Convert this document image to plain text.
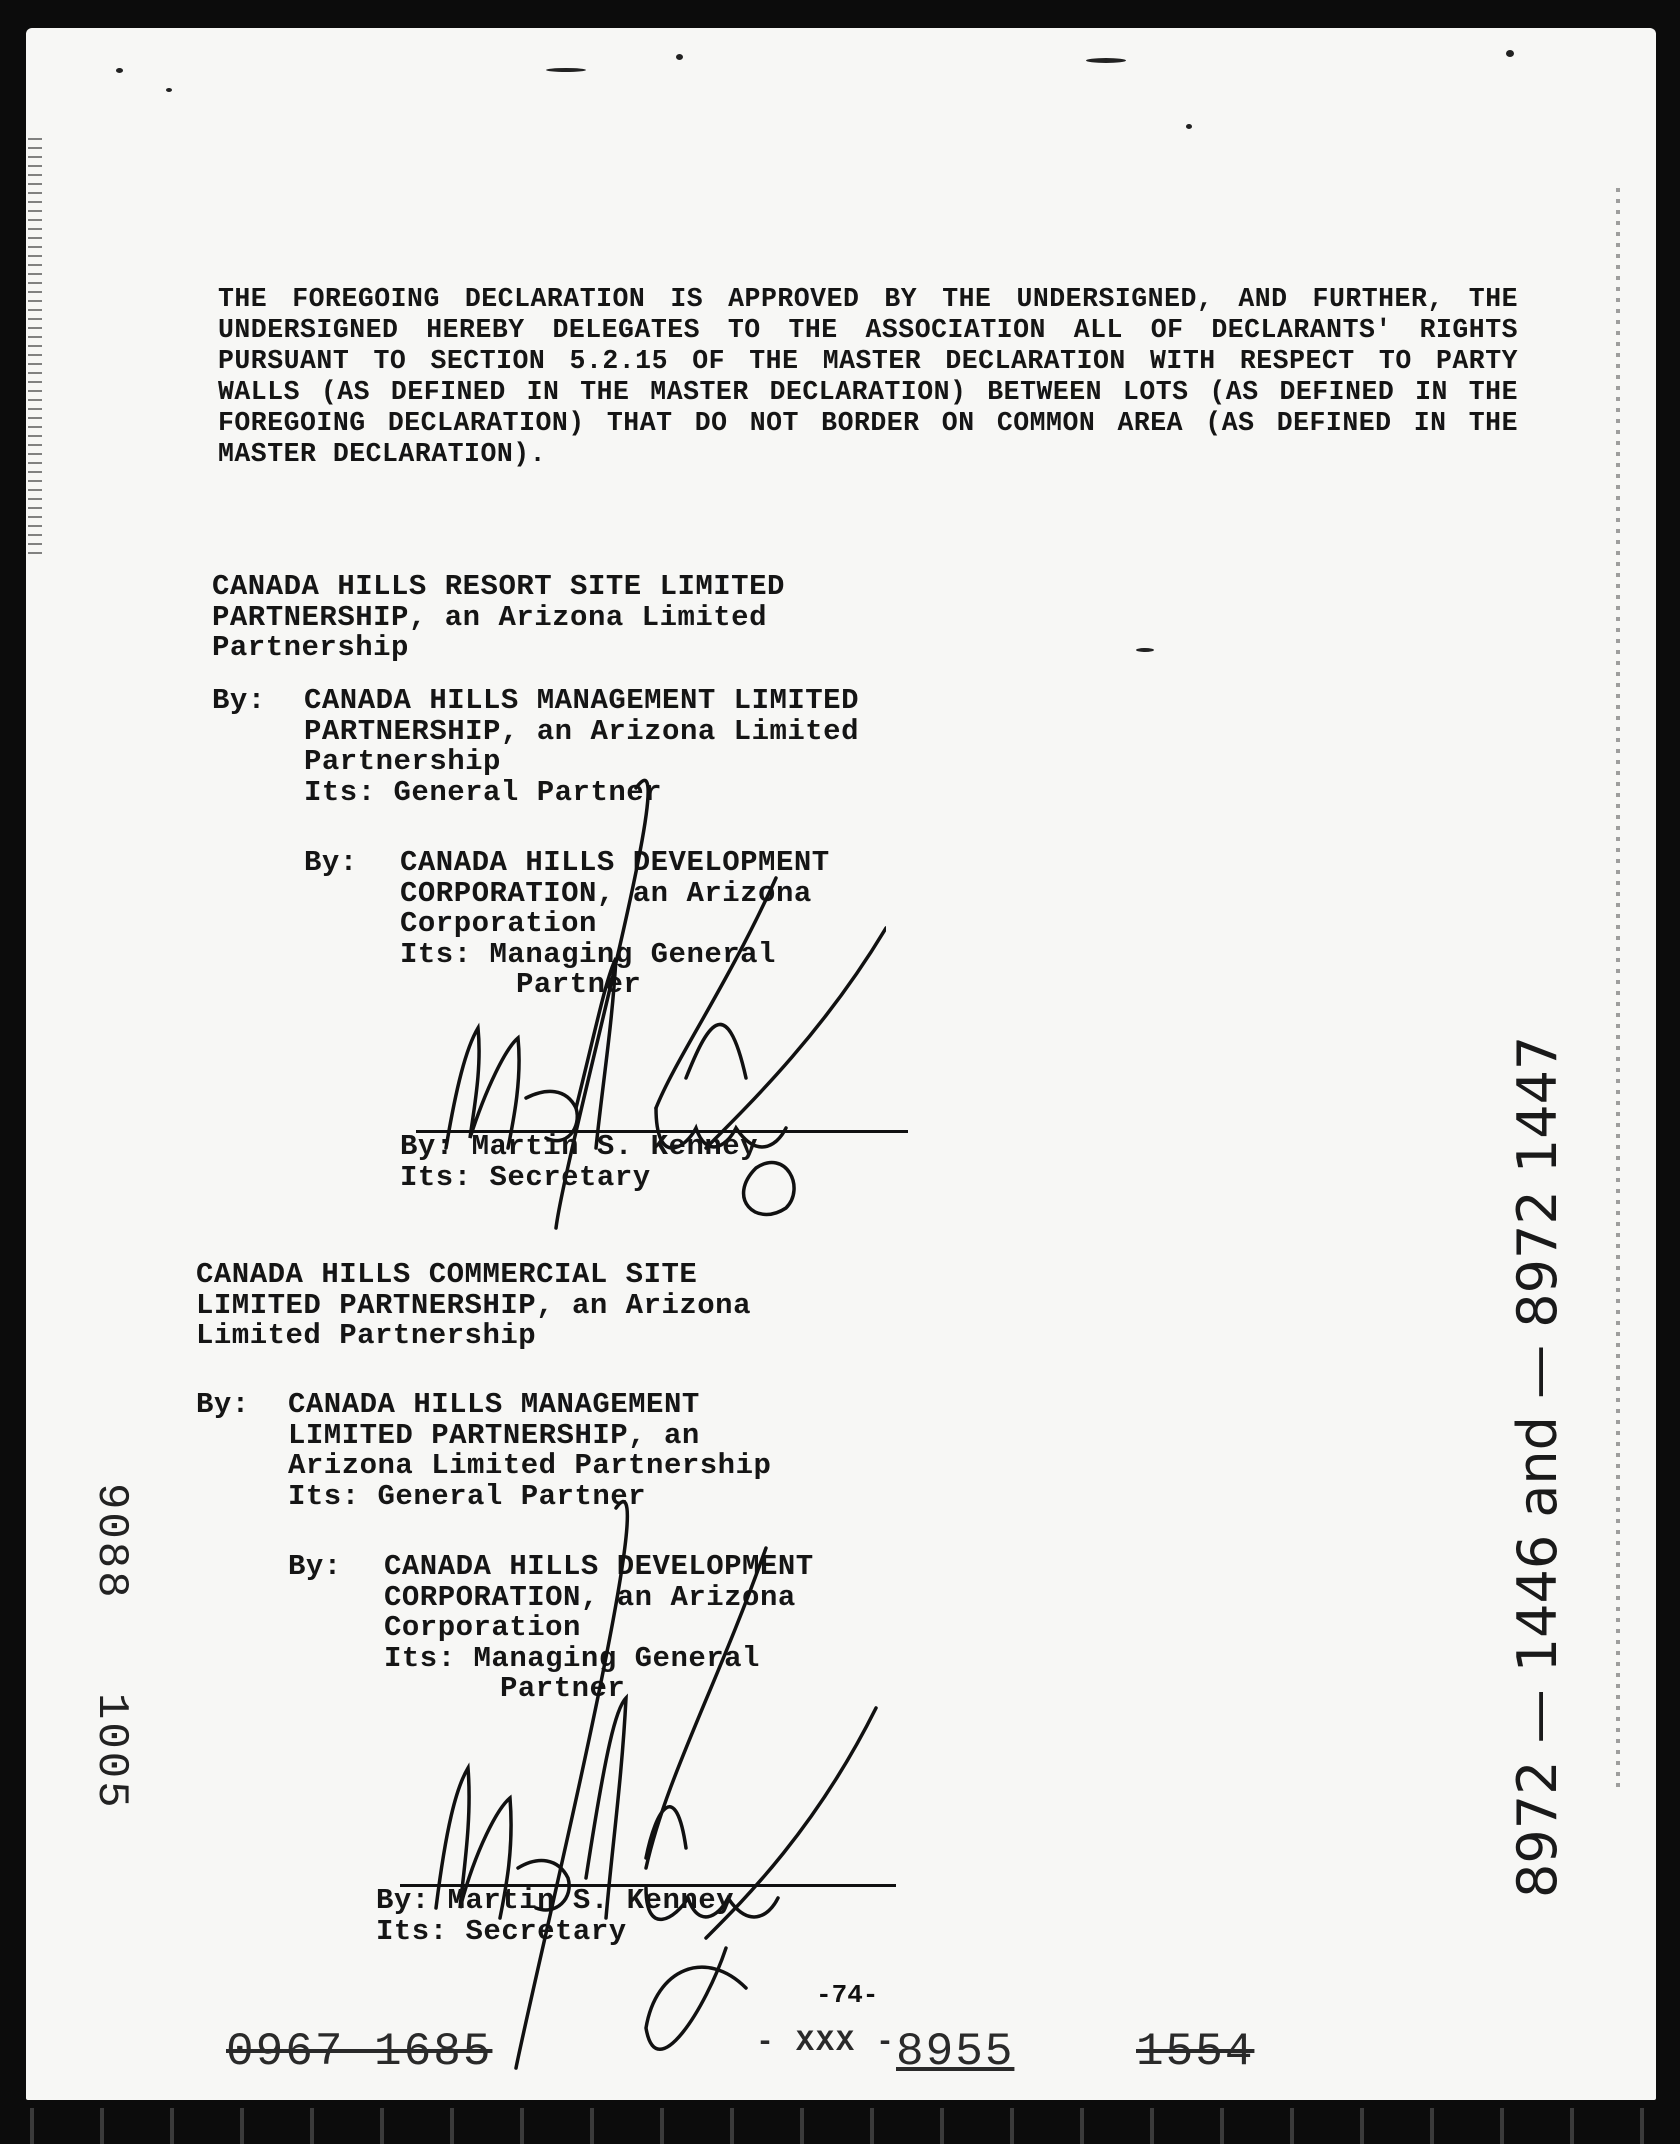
THE FOREGOING DECLARATION IS APPROVED BY THE UNDERSIGNED, AND FURTHER, THE UNDERSIGNED HEREBY DELEGATES TO THE ASSOCIATION ALL OF DECLARANTS' RIGHTS PURSUANT TO SECTION 5.2.15 OF THE MASTER DECLARATION WITH RESPECT TO PARTY WALLS (AS DEFINED IN THE MASTER DECLARATION) BETWEEN LOTS (AS DEFINED IN THE FOREGOING DECLARATION) THAT DO NOT BORDER ON COMMON AREA (AS DEFINED IN THE MASTER DECLARATION).
CANADA HILLS RESORT SITE LIMITED
PARTNERSHIP, an Arizona Limited
Partnership
By: CANADA HILLS MANAGEMENT LIMITED
PARTNERSHIP, an Arizona Limited
Partnership
Its: General Partner
By: CANADA HILLS DEVELOPMENT
CORPORATION, an Arizona
Corporation
Its: Managing General
Partner
By: Martin S. Kenney
Its: Secretary
CANADA HILLS COMMERCIAL SITE
LIMITED PARTNERSHIP, an Arizona
Limited Partnership
By: CANADA HILLS MANAGEMENT
LIMITED PARTNERSHIP, an
Arizona Limited Partnership
Its: General Partner
By: CANADA HILLS DEVELOPMENT
CORPORATION, an Arizona
Corporation
Its: Managing General
Partner
By: Martin S. Kenney
Its: Secretary
-74-
9088
1005	8972 — 1446 and — 8972 1447
0967 1685	- XXX - 8955	1554
